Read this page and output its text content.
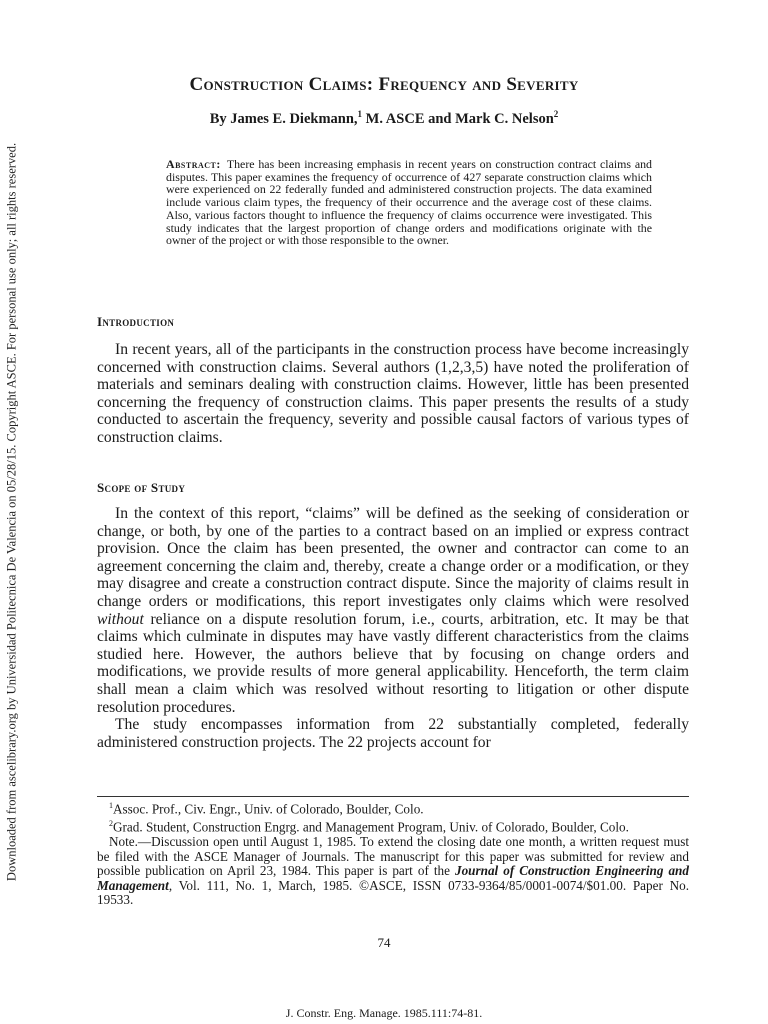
Downloaded from ascelibrary.org by Universidad Politecnica De Valencia on 05/28/15. Copyright ASCE. For personal use only; all rights reserved.
Construction Claims: Frequency and Severity
By James E. Diekmann,$^1$ M. ASCE and Mark C. Nelson$^2$
Abstract: There has been increasing emphasis in recent years on construction contract claims and disputes. This paper examines the frequency of occurrence of 427 separate construction claims which were experienced on 22 federally funded and administered construction projects. The data examined include various claim types, the frequency of their occurrence and the average cost of these claims. Also, various factors thought to influence the frequency of claims occurrence were investigated. This study indicates that the largest proportion of change orders and modifications originate with the owner of the project or with those responsible to the owner.
Introduction

In recent years, all of the participants in the construction process have become increasingly concerned with construction claims. Several authors (1,2,3,5) have noted the proliferation of materials and seminars dealing with construction claims. However, little has been presented concerning the frequency of construction claims. This paper presents the results of a study conducted to ascertain the frequency, severity and possible causal factors of various types of construction claims.

Scope of Study

In the context of this report, “claims” will be defined as the seeking of consideration or change, or both, by one of the parties to a contract based on an implied or express contract provision. Once the claim has been presented, the owner and contractor can come to an agreement concerning the claim and, thereby, create a change order or a modification, or they may disagree and create a construction contract dispute. Since the majority of claims result in change orders or modifications, this report investigates only claims which were resolved without reliance on a dispute resolution forum, i.e., courts, arbitration, etc. It may be that claims which culminate in disputes may have vastly different characteristics from the claims studied here. However, the authors believe that by focusing on change orders and modifications, we provide results of more general applicability. Henceforth, the term claim shall mean a claim which was resolved without resorting to litigation or other dispute resolution procedures.

The study encompasses information from 22 substantially completed, federally administered construction projects. The 22 projects account for

$^1$Assoc. Prof., Civ. Engr., Univ. of Colorado, Boulder, Colo.

$^2$Grad. Student, Construction Engrg. and Management Program, Univ. of Colorado, Boulder, Colo.

Note.—Discussion open until August 1, 1985. To extend the closing date one month, a written request must be filed with the ASCE Manager of Journals. The manuscript for this paper was submitted for review and possible publication on April 23, 1984. This paper is part of the Journal of Construction Engineering and Management, Vol. 111, No. 1, March, 1985. ©ASCE, ISSN 0733-9364/85/0001-0074/$01.00. Paper No. 19533.

74
J. Constr. Eng. Manage. 1985.111:74-81.
